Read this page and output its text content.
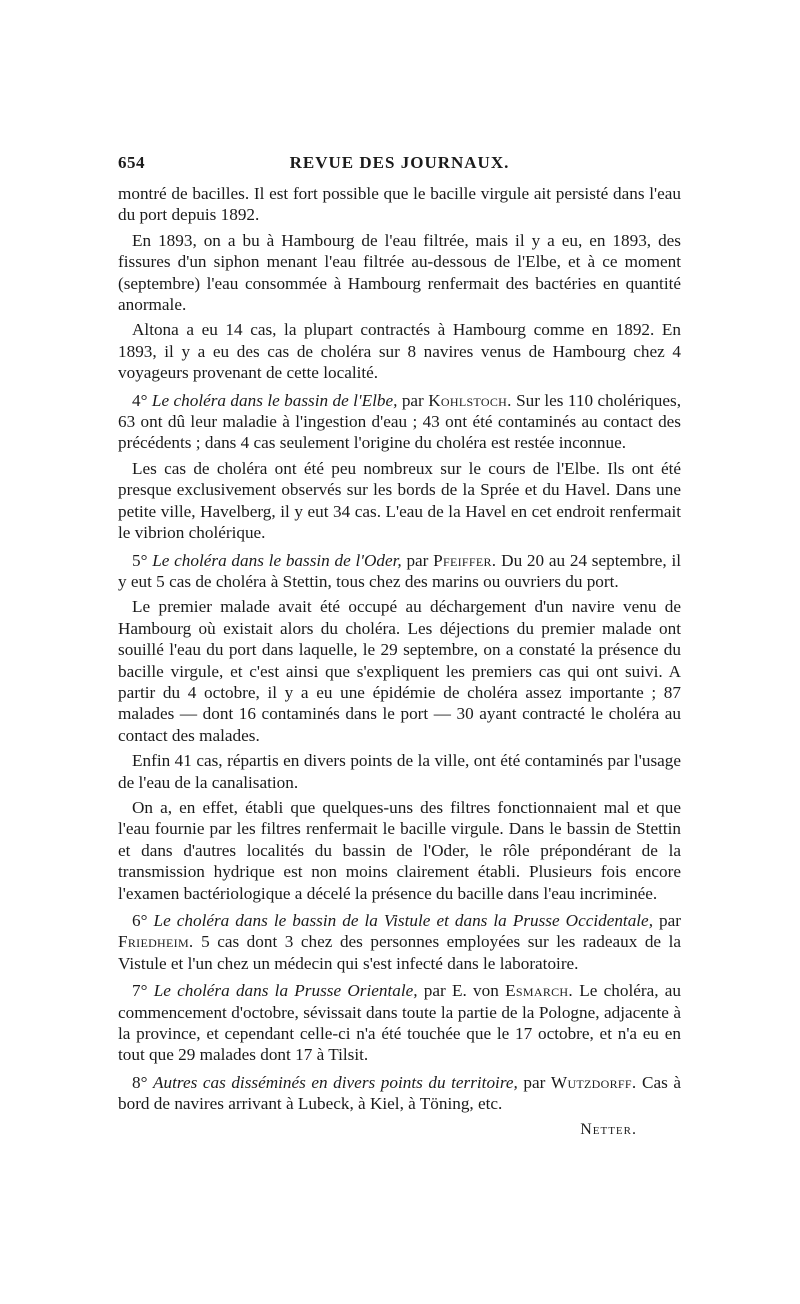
654	REVUE DES JOURNAUX.

montré de bacilles. Il est fort possible que le bacille virgule ait persisté dans l'eau du port depuis 1892.

En 1893, on a bu à Hambourg de l'eau filtrée, mais il y a eu, en 1893, des fissures d'un siphon menant l'eau filtrée au-dessous de l'Elbe, et à ce moment (septembre) l'eau consommée à Hambourg renfermait des bactéries en quantité anormale.

Altona a eu 14 cas, la plupart contractés à Hambourg comme en 1892. En 1893, il y a eu des cas de choléra sur 8 navires venus de Hambourg chez 4 voyageurs provenant de cette localité.

4° Le choléra dans le bassin de l'Elbe, par Kohlstoch. Sur les 110 cholériques, 63 ont dû leur maladie à l'ingestion d'eau ; 43 ont été contaminés au contact des précédents ; dans 4 cas seulement l'origine du choléra est restée inconnue.

Les cas de choléra ont été peu nombreux sur le cours de l'Elbe. Ils ont été presque exclusivement observés sur les bords de la Sprée et du Havel. Dans une petite ville, Havelberg, il y eut 34 cas. L'eau de la Havel en cet endroit renfermait le vibrion cholérique.

5° Le choléra dans le bassin de l'Oder, par Pfeiffer. Du 20 au 24 septembre, il y eut 5 cas de choléra à Stettin, tous chez des marins ou ouvriers du port.

Le premier malade avait été occupé au déchargement d'un navire venu de Hambourg où existait alors du choléra. Les déjections du premier malade ont souillé l'eau du port dans laquelle, le 29 septembre, on a constaté la présence du bacille virgule, et c'est ainsi que s'expliquent les premiers cas qui ont suivi. A partir du 4 octobre, il y a eu une épidémie de choléra assez importante ; 87 malades — dont 16 contaminés dans le port — 30 ayant contracté le choléra au contact des malades.

Enfin 41 cas, répartis en divers points de la ville, ont été contaminés par l'usage de l'eau de la canalisation.

On a, en effet, établi que quelques-uns des filtres fonctionnaient mal et que l'eau fournie par les filtres renfermait le bacille virgule. Dans le bassin de Stettin et dans d'autres localités du bassin de l'Oder, le rôle prépondérant de la transmission hydrique est non moins clairement établi. Plusieurs fois encore l'examen bactériologique a décelé la présence du bacille dans l'eau incriminée.

6° Le choléra dans le bassin de la Vistule et dans la Prusse Occidentale, par Friedheim. 5 cas dont 3 chez des personnes employées sur les radeaux de la Vistule et l'un chez un médecin qui s'est infecté dans le laboratoire.

7° Le choléra dans la Prusse Orientale, par E. von Esmarch. Le choléra, au commencement d'octobre, sévissait dans toute la partie de la Pologne, adjacente à la province, et cependant celle-ci n'a été touchée que le 17 octobre, et n'a eu en tout que 29 malades dont 17 à Tilsit.

8° Autres cas disséminés en divers points du territoire, par Wutzdorff. Cas à bord de navires arrivant à Lubeck, à Kiel, à Töning, etc.

Netter.
